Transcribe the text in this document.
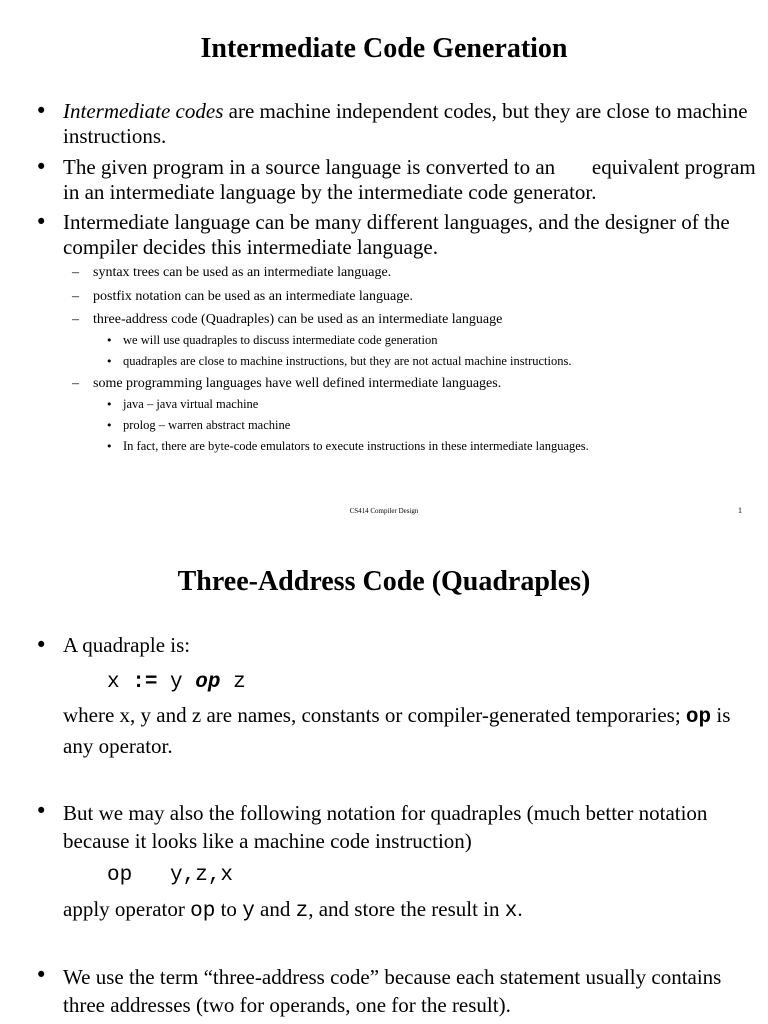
Intermediate Code Generation
• Intermediate codes are machine independent codes, but they are close to machine instructions.
• The given program in a source language is converted to an       equivalent program in an intermediate language by the intermediate code generator.
• Intermediate language can be many different languages, and the designer of the compiler decides this intermediate language.
– syntax trees can be used as an intermediate language.
– postfix notation can be used as an intermediate language.
– three-address code (Quadraples) can be used as an intermediate language
• we will use quadraples to discuss intermediate code generation
• quadraples are close to machine instructions, but they are not actual machine instructions.
– some programming languages have well defined intermediate languages.
• java – java virtual machine
• prolog – warren abstract machine
• In fact, there are byte-code emulators to execute instructions in these intermediate languages.
CS414 Compiler Design	1
Three-Address Code (Quadraples)
• A quadraple is:
x := y op z
where x, y and z are names, constants or compiler-generated temporaries; op is any operator.
• But we may also the following notation for quadraples (much better notation because it looks like a machine code instruction)
op   y,z,x
apply operator op to y and z, and store the result in x.
• We use the term “three-address code” because each statement usually contains three addresses (two for operands, one for the result).
